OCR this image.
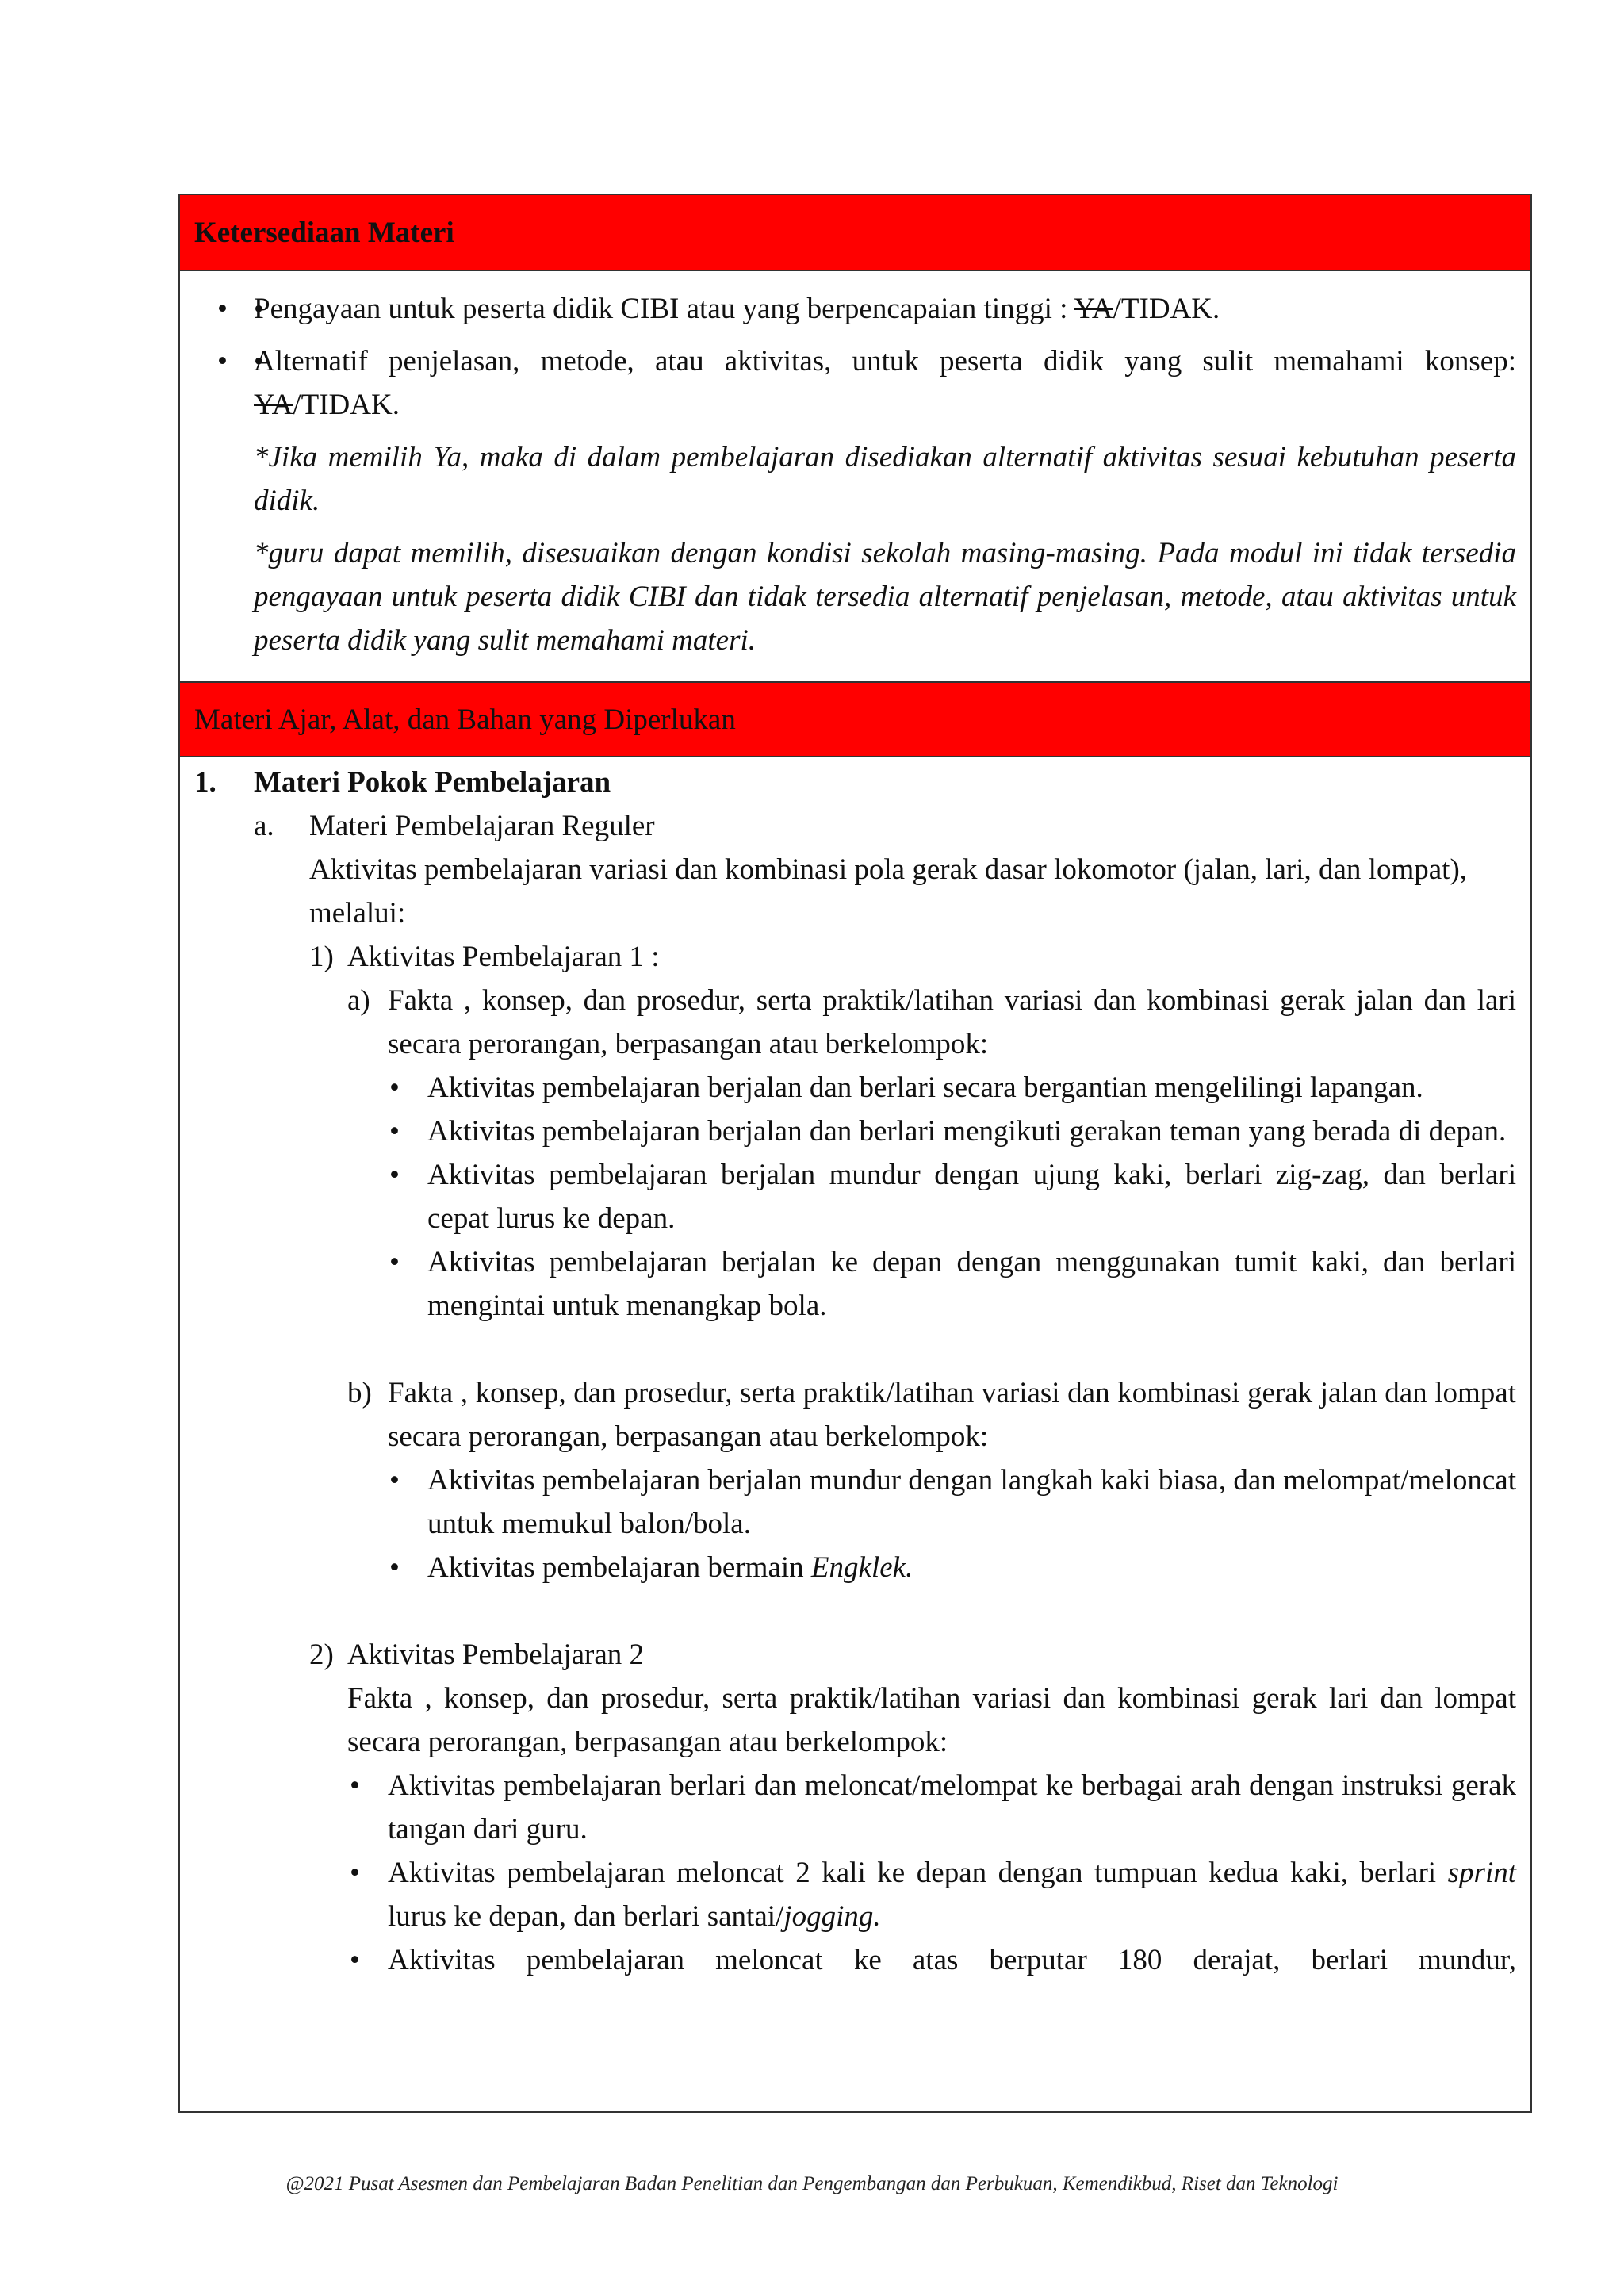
Ketersediaan Materi
• • Pengayaan untuk peserta didik CIBI atau yang berpencapaian tinggi : YA/TIDAK.
• • Alternatif penjelasan, metode, atau aktivitas, untuk peserta didik yang sulit memahami konsep: YA/TIDAK.
*Jika memilih Ya, maka di dalam pembelajaran disediakan alternatif aktivitas sesuai kebutuhan peserta didik.
*guru dapat memilih, disesuaikan dengan kondisi sekolah masing-masing. Pada modul ini tidak tersedia pengayaan untuk peserta didik CIBI dan tidak tersedia alternatif penjelasan, metode, atau aktivitas untuk peserta didik yang sulit memahami materi.
Materi Ajar, Alat, dan Bahan yang Diperlukan
1. Materi Pokok Pembelajaran
a. Materi Pembelajaran Reguler
Aktivitas pembelajaran variasi dan kombinasi pola gerak dasar lokomotor (jalan, lari, dan lompat), melalui:
1) Aktivitas Pembelajaran 1 :
a) Fakta , konsep, dan prosedur, serta praktik/latihan variasi dan kombinasi gerak jalan dan lari secara perorangan, berpasangan atau berkelompok:
• Aktivitas pembelajaran berjalan dan berlari secara bergantian mengelilingi lapangan.
• Aktivitas pembelajaran berjalan dan berlari mengikuti gerakan teman yang berada di depan.
• Aktivitas pembelajaran berjalan mundur dengan ujung kaki, berlari zig-zag, dan berlari cepat lurus ke depan.
• Aktivitas pembelajaran berjalan ke depan dengan menggunakan tumit kaki, dan berlari mengintai untuk menangkap bola.
b) Fakta , konsep, dan prosedur, serta praktik/latihan variasi dan kombinasi gerak jalan dan lompat secara perorangan, berpasangan atau berkelompok:
• Aktivitas pembelajaran berjalan mundur dengan langkah kaki biasa, dan melompat/meloncat untuk memukul balon/bola.
• Aktivitas pembelajaran bermain Engklek.
2) Aktivitas Pembelajaran 2
Fakta , konsep, dan prosedur, serta praktik/latihan variasi dan kombinasi gerak lari dan lompat secara perorangan, berpasangan atau berkelompok:
• Aktivitas pembelajaran berlari dan meloncat/melompat ke berbagai arah dengan instruksi gerak tangan dari guru.
• Aktivitas pembelajaran meloncat 2 kali ke depan dengan tumpuan kedua kaki, berlari sprint lurus ke depan, dan berlari santai/jogging.
• Aktivitas pembelajaran meloncat ke atas berputar 180 derajat, berlari mundur,
@2021 Pusat Asesmen dan Pembelajaran Badan Penelitian dan Pengembangan dan Perbukuan, Kemendikbud, Riset dan Teknologi
